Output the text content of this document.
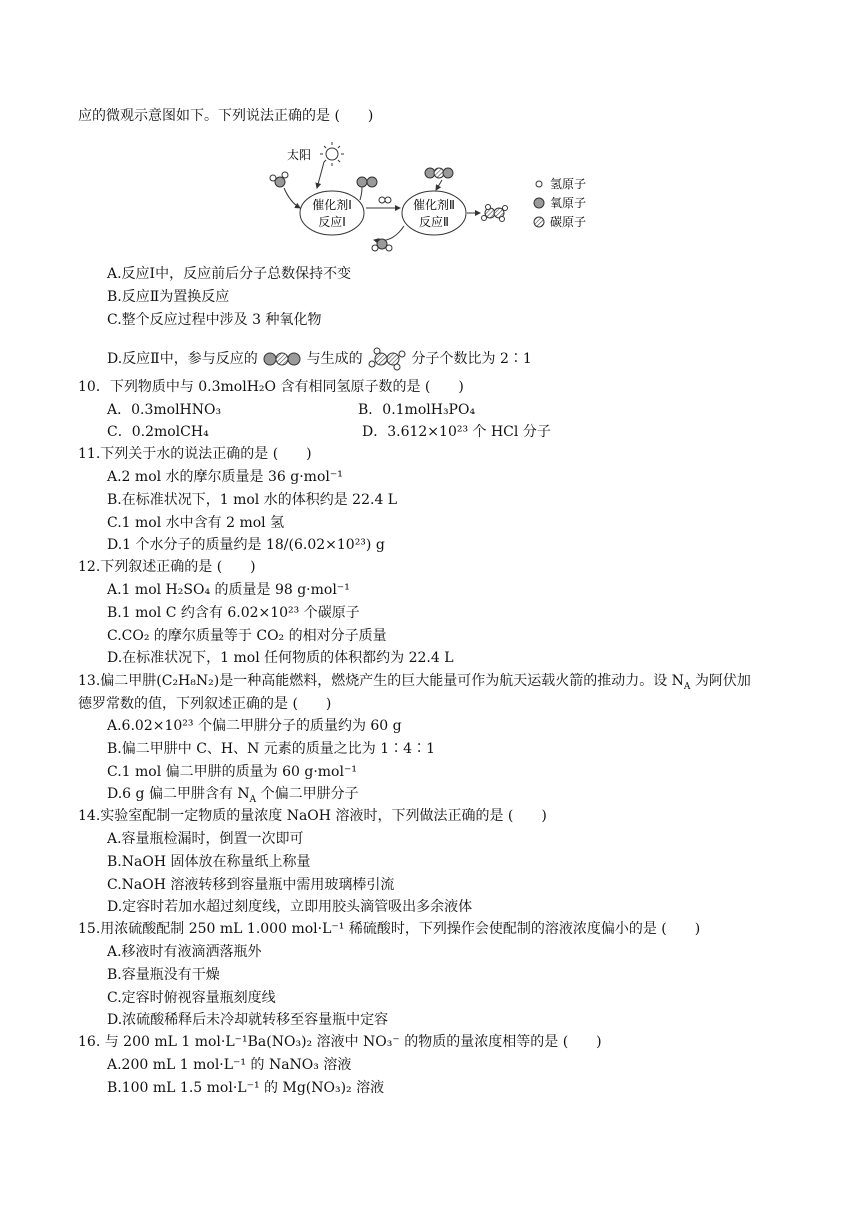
应的微观示意图如下。下列说法正确的是 (　　)
太阳
催化剂Ⅰ
反应Ⅰ
催化剂Ⅱ
反应Ⅱ
氢原子
氧原子
碳原子
A.反应Ⅰ中，反应前后分子总数保持不变
B.反应Ⅱ为置换反应
C.整个反应过程中涉及 3 种氧化物
D.反应Ⅱ中，参与反应的	与生成的	分子个数比为 2∶1
10．下列物质中与 0.3molH₂O 含有相同氢原子数的是 (　　)
A．0.3molHNO₃	B．0.1molH₃PO₄
C．0.2molCH₄	D．3.612×10²³ 个 HCl 分子
11.下列关于水的说法正确的是 (　　)
A.2 mol 水的摩尔质量是 36 g·mol⁻¹
B.在标准状况下，1 mol 水的体积约是 22.4 L
C.1 mol 水中含有 2 mol 氢
D.1 个水分子的质量约是 18/(6.02×10²³) g
12.下列叙述正确的是 (　　)
A.1 mol H₂SO₄ 的质量是 98 g·mol⁻¹
B.1 mol C 约含有 6.02×10²³ 个碳原子
C.CO₂ 的摩尔质量等于 CO₂ 的相对分子质量
D.在标准状况下，1 mol 任何物质的体积都约为 22.4 L
13.偏二甲肼(C₂H₈N₂)是一种高能燃料，燃烧产生的巨大能量可作为航天运载火箭的推动力。设 $N_A$ 为阿伏加
德罗常数的值，下列叙述正确的是 (　　)
A.6.02×10²³ 个偏二甲肼分子的质量约为 60 g
B.偏二甲肼中 C、H、N 元素的质量之比为 1∶4∶1
C.1 mol 偏二甲肼的质量为 60 g·mol⁻¹
D.6 g 偏二甲肼含有 $N_A$ 个偏二甲肼分子
14.实验室配制一定物质的量浓度 NaOH 溶液时，下列做法正确的是 (　　)
A.容量瓶检漏时，倒置一次即可
B.NaOH 固体放在称量纸上称量
C.NaOH 溶液转移到容量瓶中需用玻璃棒引流
D.定容时若加水超过刻度线，立即用胶头滴管吸出多余液体
15.用浓硫酸配制 250 mL 1.000 mol·L⁻¹ 稀硫酸时，下列操作会使配制的溶液浓度偏小的是 (　　)
A.移液时有液滴洒落瓶外
B.容量瓶没有干燥
C.定容时俯视容量瓶刻度线
D.浓硫酸稀释后未冷却就转移至容量瓶中定容
16. 与 200 mL 1 mol·L⁻¹Ba(NO₃)₂ 溶液中 NO₃⁻ 的物质的量浓度相等的是 (　　)
A.200 mL 1 mol·L⁻¹ 的 NaNO₃ 溶液
B.100 mL 1.5 mol·L⁻¹ 的 Mg(NO₃)₂ 溶液
